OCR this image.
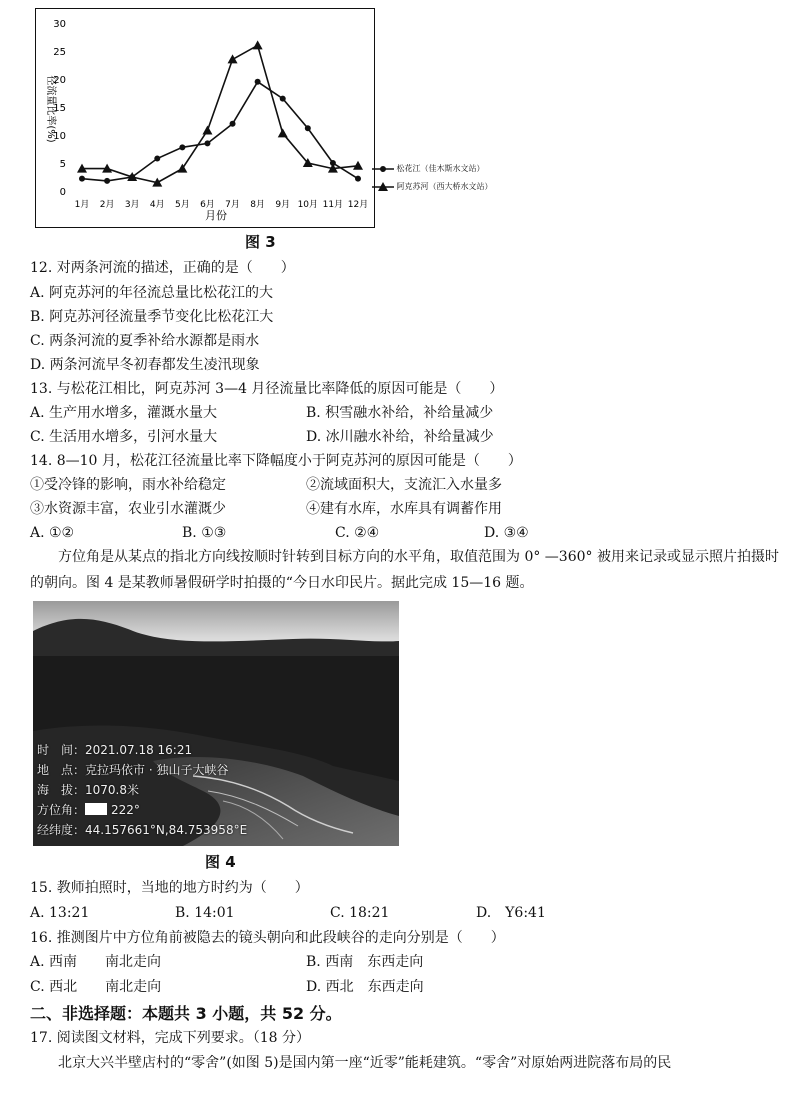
径流量比率(%)
0
5
10
15
20
25
30
1月 2月 3月 4月 5月 6月 7月 8月 9月 10月 11月 12月
月份
图 3
12. 对两条河流的描述，正确的是（　　）
A. 阿克苏河的年径流总量比松花江的大
B. 阿克苏河径流量季节变化比松花江大
C. 两条河流的夏季补给水源都是雨水
D. 两条河流早冬初春都发生凌汛现象
13. 与松花江相比，阿克苏河 3—4 月径流量比率降低的原因可能是（　　）
A. 生产用水增多，灌溉水量大	B. 积雪融水补给，补给量减少
C. 生活用水增多，引河水量大	D. 冰川融水补给，补给量减少
14. 8—10 月，松花江径流量比率下降幅度小于阿克苏河的原因可能是（　　）
①受冷锋的影响，雨水补给稳定	②流域面积大，支流汇入水量多
③水资源丰富，农业引水灌溉少	④建有水库，水库具有调蓄作用
A. ①②	B. ①③	C. ②④	D. ③④
方位角是从某点的指北方向线按顺时针转到目标方向的水平角，取值范围为 0° —360° 被用来记录或显示照片拍摄时的朝向。图 4 是某教师暑假研学时拍摄的“今日水印民片。据此完成 15—16 题。
时　间：2021.07.18 16:21
地　点：克拉玛依市 · 独山子大峡谷
海　拔：1070.8米
方位角： 222°
经纬度：44.157661°N,84.753958°E
图 4
15. 教师拍照时，当地的地方时约为（　　）
A. 13:21	B. 14:01	C. 18:21	D.　Y6:41
16. 推测图片中方位角前被隐去的镜头朝向和此段峡谷的走向分别是（　　）
A. 西南　　南北走向	B. 西南　东西走向
C. 西北　　南北走向	D. 西北　东西走向
二、非选择题：本题共 3 小题，共 52 分。
17. 阅读图文材料，完成下列要求。（18 分）
北京大兴半壁店村的“零舍”(如图 5)是国内第一座“近零”能耗建筑。“零舍”对原始两进院落布局的民
松花江（佳木斯水文站）
阿克苏河（西大桥水文站）
